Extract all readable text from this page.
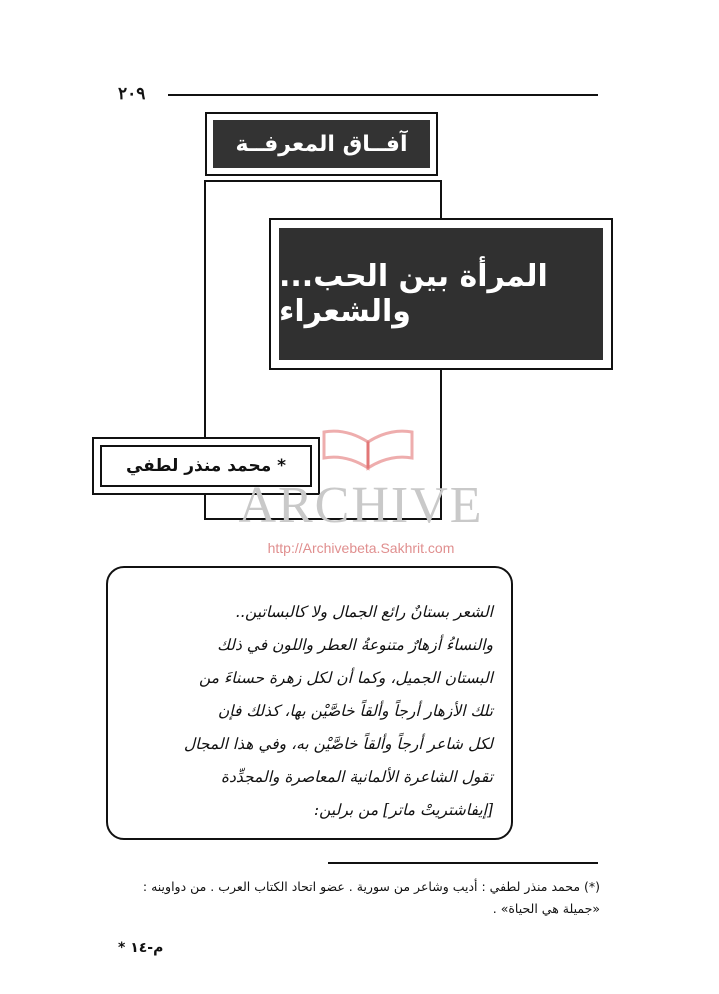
٢٠٩
آفــاق المعرفــة
المرأة بين الحب... والشعراء
محمد منذر لطفي *
ARCHIVE
http://Archivebeta.Sakhrit.com
الشعر بستانٌ رائع الجمال ولا كالبساتين..
والنساءُ أزهارٌ متنوعةُ العطر واللون في ذلك
البستان الجميل، وكما أن لكل زهرة حسناءَ من
تلك الأزهار أرجاً وألقاً خاصَّيْن بها، كذلك فإن
لكل شاعر أرجاً وألقاً خاصَّيْن به، وفي هذا المجال
تقول الشاعرة الألمانية المعاصرة والمجدِّدة
[إيفاشتريتْ ماتر] من برلين:
(*) محمد منذر لطفي : أديب وشاعر من سورية . عضو اتحاد الكتاب العرب . من دواوينه :
«جميلة هي الحياة» .
* م-١٤
